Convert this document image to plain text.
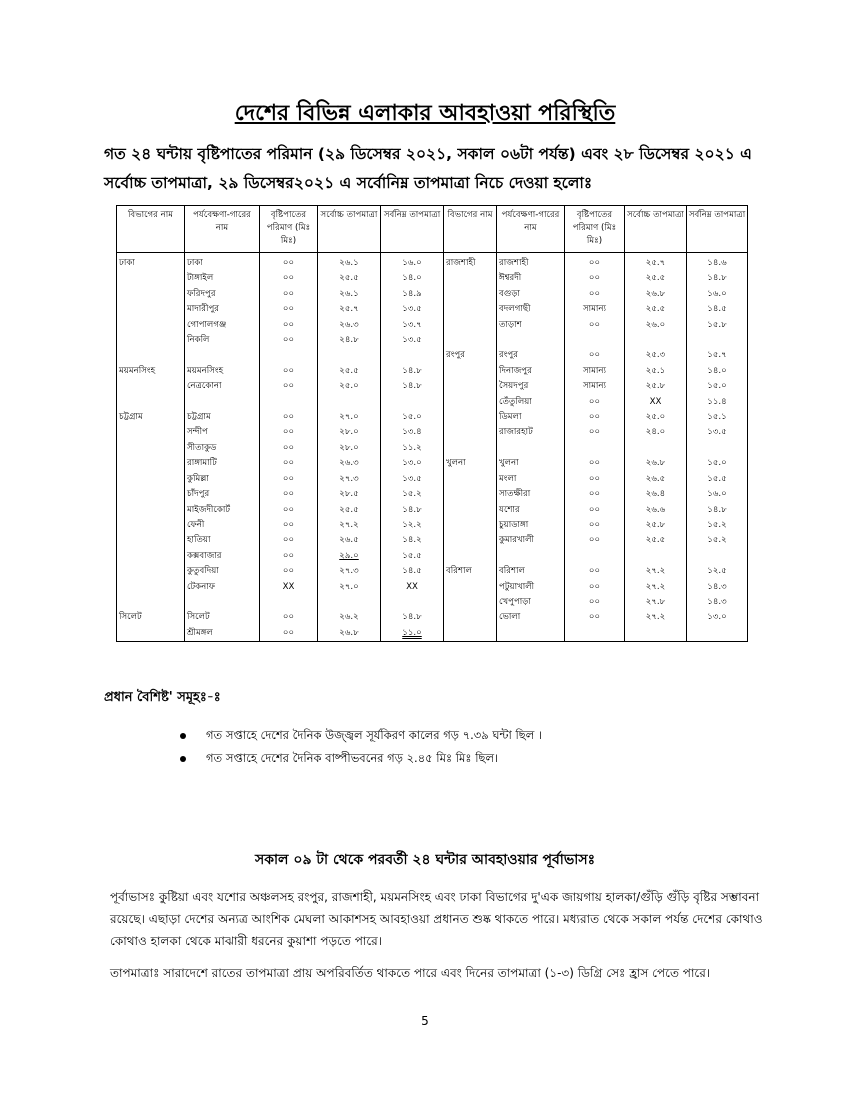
দেশের বিভিন্ন এলাকার আবহাওয়া পরিস্থিতি
গত ২৪ ঘন্টায় বৃষ্টিপাতের পরিমান (২৯ ডিসেম্বর ২০২১, সকাল ০৬টা পর্যন্ত) এবং ২৮ ডিসেম্বর ২০২১ এ সর্বোচ্চ তাপমাত্রা, ২৯ ডিসেম্বর২০২১ এ সর্বোনিম্ন তাপমাত্রা নিচে দেওয়া হলোঃ
বিভাগের নাম	পর্যবেক্ষণা-গারের নাম	বৃষ্টিপাতের পরিমাণ (মিঃ মিঃ)	সর্বোচ্চ তাপমাত্রা	সর্বনিম্ন তাপমাত্রা	বিভাগের নাম	পর্যবেক্ষণা-গারের নাম	বৃষ্টিপাতের পরিমাণ (মিঃ মিঃ)	সর্বোচ্চ তাপমাত্রা	সর্বনিম্ন তাপমাত্রা
ঢাকা	ঢাকা	০০	২৬.১	১৬.০	রাজশাহী	রাজশাহী	০০	২৫.৭	১৪.৬
	টাঙ্গাইল	০০	২৫.৫	১৪.০		ঈশ্বরদী	০০	২৫.৫	১৪.৮
	ফরিদপুর	০০	২৬.১	১৪.৯		বগুড়া	০০	২৬.৮	১৬.০
	মাদারীপুর	০০	২৫.৭	১৩.৫		বদলগাছী	সামান্য	২৫.৫	১৪.৫
	গোপালগঞ্জ	০০	২৬.৩	১৩.৭		তাড়াশ	০০	২৬.০	১৫.৮
	নিকলি	০০	২৪.৮	১৩.৫					
					রংপুর	রংপুর	০০	২৫.৩	১৫.৭
ময়মনসিংহ	ময়মনসিংহ	০০	২৫.৫	১৪.৮		দিনাজপুর	সামান্য	২৫.১	১৪.০
	নেত্রকোনা	০০	২৫.০	১৪.৮		সৈয়দপুর	সামান্য	২৫.৮	১৫.০
						তেঁতুলিয়া	০০	XX	১১.৪
চট্টগ্রাম	চট্টগ্রাম	০০	২৭.০	১৫.০		ডিমলা	০০	২৫.০	১৫.১
	সন্দীপ	০০	২৮.০	১৩.৪		রাজারহাট	০০	২৪.০	১৩.৫
	সীতাকুড	০০	২৮.০	১১.২					
	রাঙ্গামাটি	০০	২৬.৩	১৩.০	খুলনা	খুলনা	০০	২৬.৮	১৫.০
	কুমিল্লা	০০	২৭.৩	১৩.৫		মংলা	০০	২৬.৫	১৫.৫
	চাঁদপুর	০০	২৮.৫	১৫.২		সাতক্ষীরা	০০	২৬.৪	১৬.০
	মাইজদীকোর্ট	০০	২৫.৫	১৪.৮		যশোর	০০	২৬.৬	১৪.৮
	ফেনী	০০	২৭.২	১২.২		চুয়াডাঙ্গা	০০	২৫.৮	১৫.২
	হাতিয়া	০০	২৬.৫	১৪.২		কুমারখালী	০০	২৫.৫	১৫.২
	কক্সবাজার	০০	২৯.০	১৫.৫					
	কুতুবদিয়া	০০	২৭.৩	১৪.৫	বরিশাল	বরিশাল	০০	২৭.২	১২.৫
	টেকনাফ	XX	২৭.০	XX		পটুয়াখালী	০০	২৭.২	১৪.৩
						খেপুপাড়া	০০	২৭.৮	১৪.৩
সিলেট	সিলেট	০০	২৬.২	১৪.৮		ভোলা	০০	২৭.২	১৩.০
	শ্রীমঙ্গল	০০	২৬.৮	১১.০					
প্রধান বৈশিষ্ট' সমূহঃ-ঃ
গত সপ্তাহে দেশের দৈনিক উজ্জ্বল সূর্যকিরণ কালের গড় ৭.৩৯ ঘন্টা ছিল ।
গত সপ্তাহে দেশের দৈনিক বাষ্পীভবনের গড় ২.৪৫ মিঃ মিঃ ছিল।
সকাল ০৯ টা থেকে পরবর্তী ২৪ ঘন্টার আবহাওয়ার পূর্বাভাসঃ
পূর্বাভাসঃ কুষ্টিয়া এবং যশোর অঞ্চলসহ রংপুর, রাজশাহী, ময়মনসিংহ এবং ঢাকা বিভাগের দু'এক জায়গায় হালকা/গুঁড়ি গুঁড়ি বৃষ্টির সম্ভাবনা রয়েছে। এছাড়া দেশের অন্যত্র আংশিক মেঘলা আকাশসহ আবহাওয়া প্রধানত শুষ্ক থাকতে পারে। মধ্যরাত থেকে সকাল পর্যন্ত দেশের কোথাও কোথাও হালকা থেকে মাঝারী ধরনের কুয়াশা পড়তে পারে।
তাপমাত্রাঃ সারাদেশে রাতের তাপমাত্রা প্রায় অপরিবর্তিত থাকতে পারে এবং দিনের তাপমাত্রা (১-৩) ডিগ্রি সেঃ হ্রাস পেতে পারে।
5
